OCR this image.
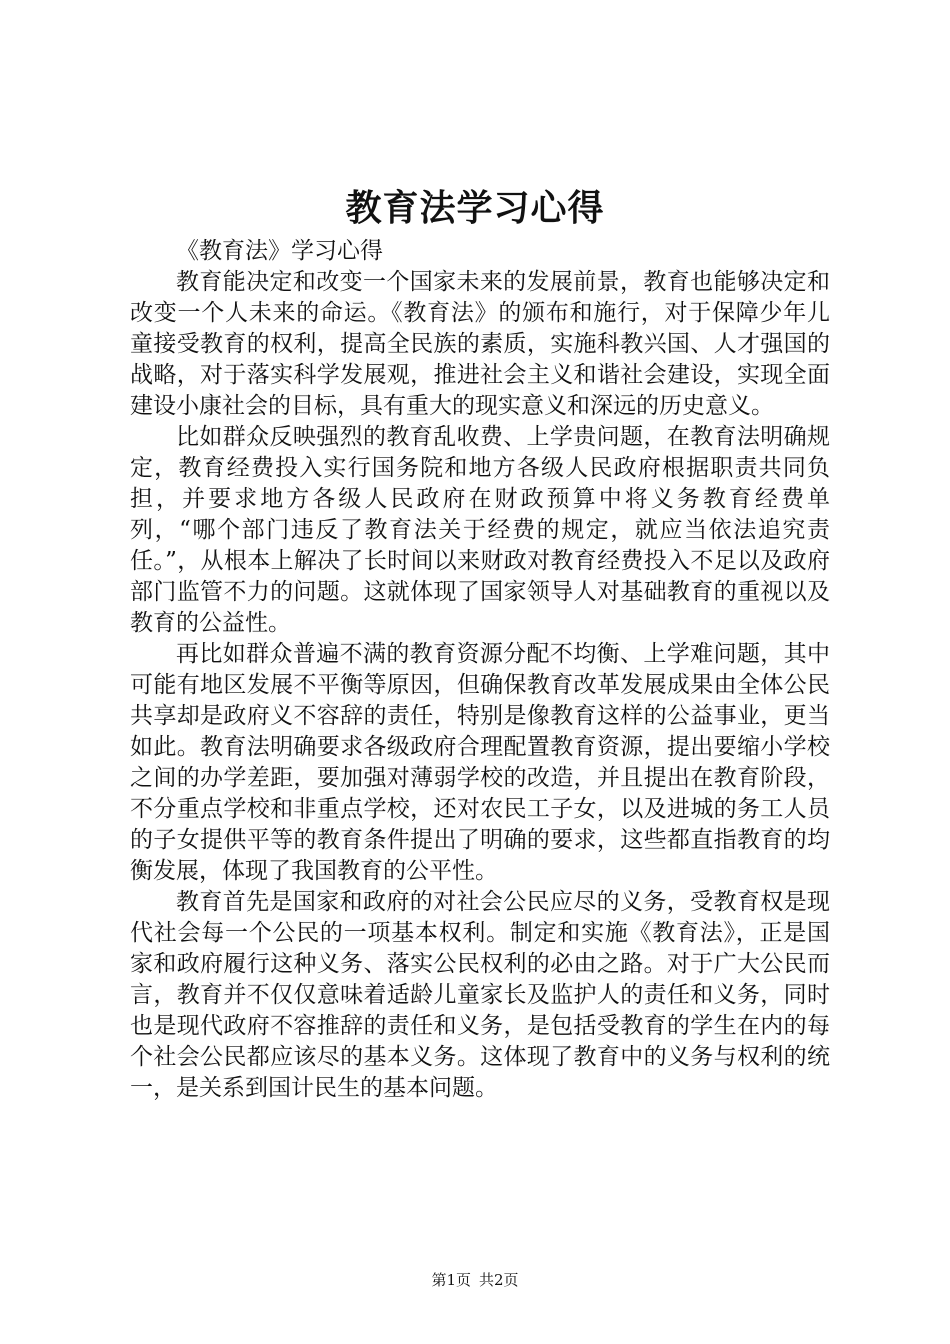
教育法学习心得

《教育法》学习心得

教育能决定和改变一个国家未来的发展前景，教育也能够决定和改变一个人未来的命运。《教育法》的颁布和施行，对于保障少年儿童接受教育的权利，提高全民族的素质，实施科教兴国、人才强国的战略，对于落实科学发展观，推进社会主义和谐社会建设，实现全面建设小康社会的目标，具有重大的现实意义和深远的历史意义。

比如群众反映强烈的教育乱收费、上学贵问题，在教育法明确规定，教育经费投入实行国务院和地方各级人民政府根据职责共同负担，并要求地方各级人民政府在财政预算中将义务教育经费单列，“哪个部门违反了教育法关于经费的规定，就应当依法追究责任。”，从根本上解决了长时间以来财政对教育经费投入不足以及政府部门监管不力的问题。这就体现了国家领导人对基础教育的重视以及教育的公益性。

再比如群众普遍不满的教育资源分配不均衡、上学难问题，其中可能有地区发展不平衡等原因，但确保教育改革发展成果由全体公民共享却是政府义不容辞的责任，特别是像教育这样的公益事业，更当如此。教育法明确要求各级政府合理配置教育资源，提出要缩小学校之间的办学差距，要加强对薄弱学校的改造，并且提出在教育阶段，不分重点学校和非重点学校，还对农民工子女，以及进城的务工人员的子女提供平等的教育条件提出了明确的要求，这些都直指教育的均衡发展，体现了我国教育的公平性。

教育首先是国家和政府的对社会公民应尽的义务，受教育权是现代社会每一个公民的一项基本权利。制定和实施《教育法》，正是国家和政府履行这种义务、落实公民权利的必由之路。对于广大公民而言，教育并不仅仅意味着适龄儿童家长及监护人的责任和义务，同时也是现代政府不容推辞的责任和义务，是包括受教育的学生在内的每个社会公民都应该尽的基本义务。这体现了教育中的义务与权利的统一，是关系到国计民生的基本问题。

第1页 共2页
